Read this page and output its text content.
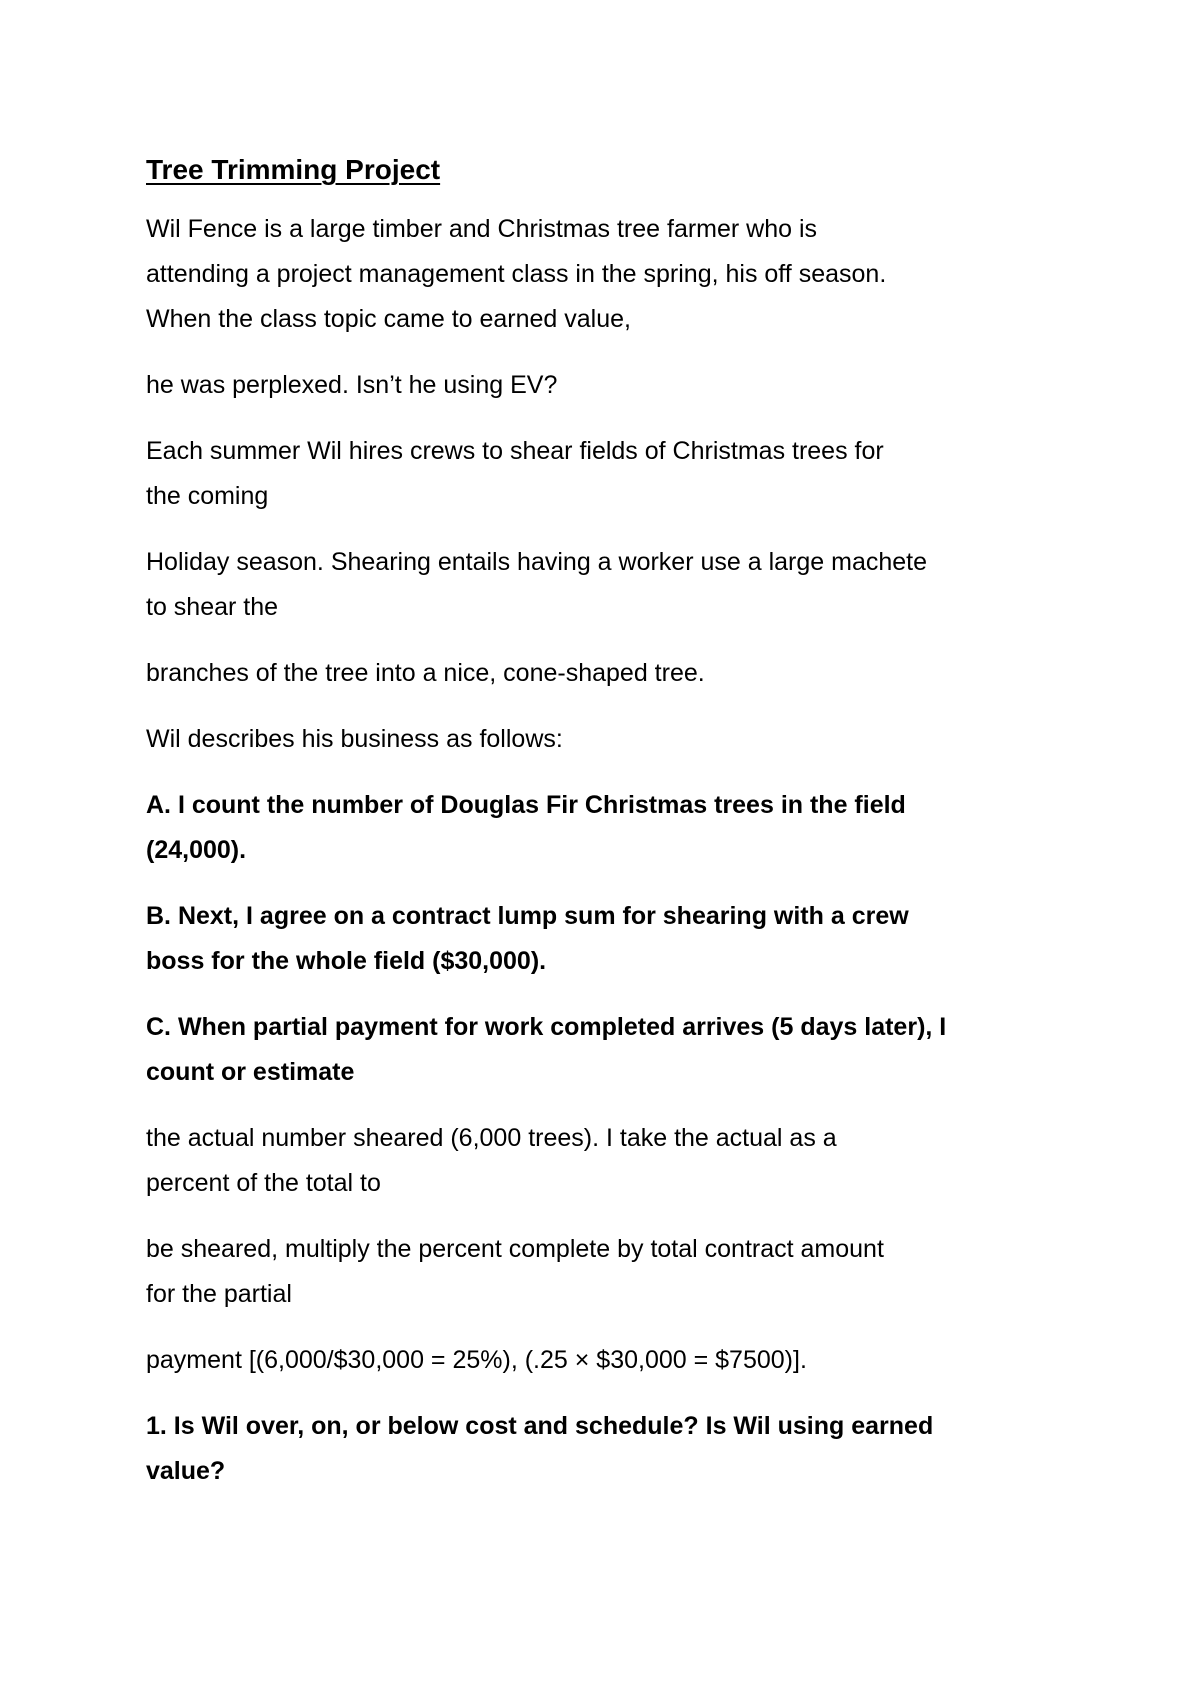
Tree Trimming Project
Wil Fence is a large timber and Christmas tree farmer who is
attending a project management class in the spring, his off season.
When the class topic came to earned value,
he was perplexed. Isn’t he using EV?
Each summer Wil hires crews to shear fields of Christmas trees for
the coming
Holiday season. Shearing entails having a worker use a large machete
to shear the
branches of the tree into a nice, cone-shaped tree.
Wil describes his business as follows:
A. I count the number of Douglas Fir Christmas trees in the field
(24,000).
B. Next, I agree on a contract lump sum for shearing with a crew
boss for the whole field ($30,000).
C. When partial payment for work completed arrives (5 days later), I
count or estimate
the actual number sheared (6,000 trees). I take the actual as a
percent of the total to
be sheared, multiply the percent complete by total contract amount
for the partial
payment [(6,000/$30,000 = 25%), (.25 × $30,000 = $7500)].
1. Is Wil over, on, or below cost and schedule? Is Wil using earned
value?
